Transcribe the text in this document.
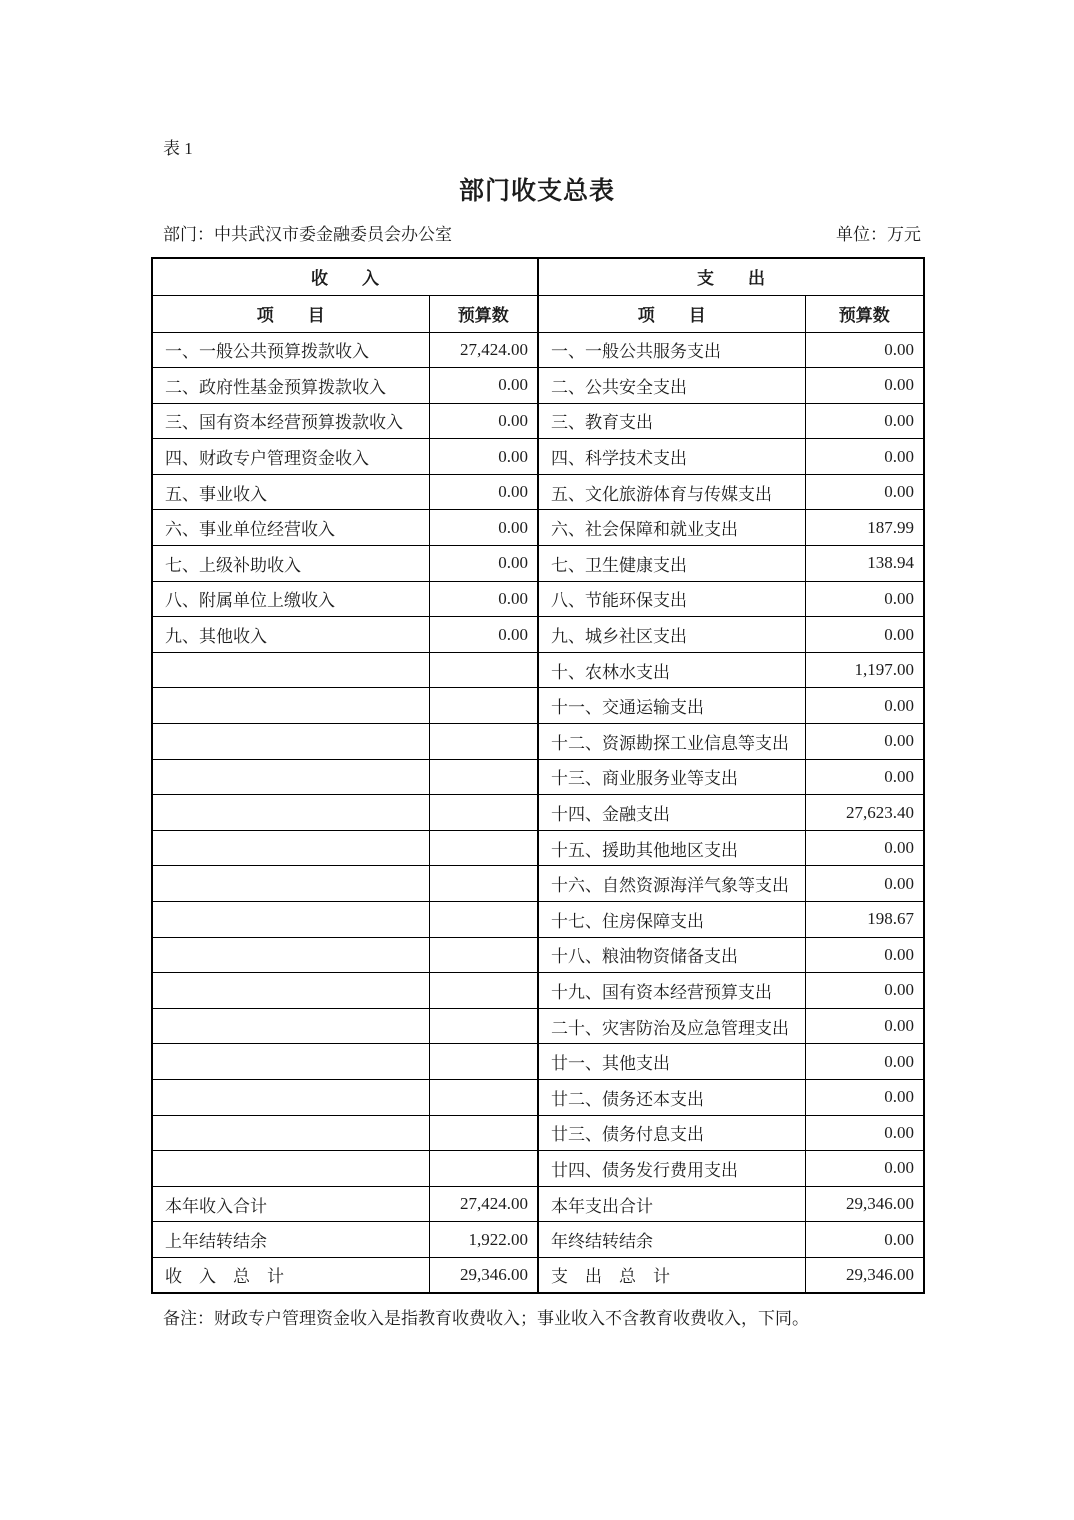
表 1
部门收支总表
部门：中共武汉市委金融委员会办公室	单位：万元
收　　入		支　　出	
项　　目	预算数	项　　目	预算数
一、一般公共预算拨款收入	27,424.00	一、一般公共服务支出	0.00
二、政府性基金预算拨款收入	0.00	二、公共安全支出	0.00
三、国有资本经营预算拨款收入	0.00	三、教育支出	0.00
四、财政专户管理资金收入	0.00	四、科学技术支出	0.00
五、事业收入	0.00	五、文化旅游体育与传媒支出	0.00
六、事业单位经营收入	0.00	六、社会保障和就业支出	187.99
七、上级补助收入	0.00	七、卫生健康支出	138.94
八、附属单位上缴收入	0.00	八、节能环保支出	0.00
九、其他收入	0.00	九、城乡社区支出	0.00
		十、农林水支出	1,197.00
		十一、交通运输支出	0.00
		十二、资源勘探工业信息等支出	0.00
		十三、商业服务业等支出	0.00
		十四、金融支出	27,623.40
		十五、援助其他地区支出	0.00
		十六、自然资源海洋气象等支出	0.00
		十七、住房保障支出	198.67
		十八、粮油物资储备支出	0.00
		十九、国有资本经营预算支出	0.00
		二十、灾害防治及应急管理支出	0.00
		廿一、其他支出	0.00
		廿二、债务还本支出	0.00
		廿三、债务付息支出	0.00
		廿四、债务发行费用支出	0.00
本年收入合计	27,424.00	本年支出合计	29,346.00
上年结转结余	1,922.00	年终结转结余	0.00
收　入　总　计	29,346.00	支　出　总　计	29,346.00
备注：财政专户管理资金收入是指教育收费收入；事业收入不含教育收费收入，下同。
